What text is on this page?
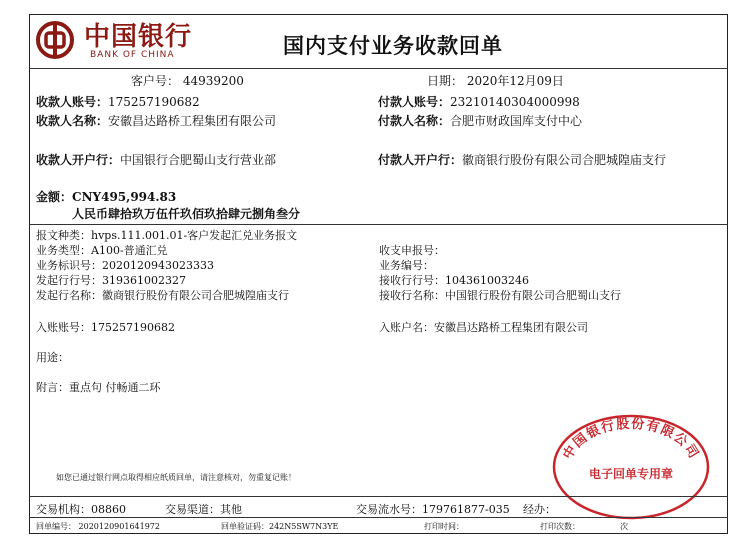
中国银行
BANK OF CHINA	国内支付业务收款回单
客户号： 44939200	日期： 2020年12月09日
收款人账号：175257190682	付款人账号：23210140304000998
收款人名称：安徽昌达路桥工程集团有限公司	付款人名称：合肥市财政国库支付中心
收款人开户行：中国银行合肥蜀山支行营业部	付款人开户行：徽商银行股份有限公司合肥城隍庙支行
金额：CNY495,994.83
人民币肆拾玖万伍仟玖佰玖拾肆元捌角叁分
报文种类：hvps.111.001.01-客户发起汇兑业务报文
业务类型：A100-普通汇兑
业务标识号：2020120943023333
发起行行号：319361002327
发起行名称：徽商银行股份有限公司合肥城隍庙支行
收支申报号：
业务编号：
接收行行号：104361003246
接收行名称：中国银行股份有限公司合肥蜀山支行
入账账号：175257190682	入账户名：安徽昌达路桥工程集团有限公司
用途：
附言：重点句 付畅通二环
如您已通过银行网点取得相应纸质回单，请注意核对，勿重复记账！
中国银行股份有限公司
电子回单专用章
交易机构：08860	交易渠道：其他	交易流水号：179761877-035 经办：
回单编号： 2020120901641972	回单验证码：242N5SW7N3YE	打印时间：	打印次数：	次
